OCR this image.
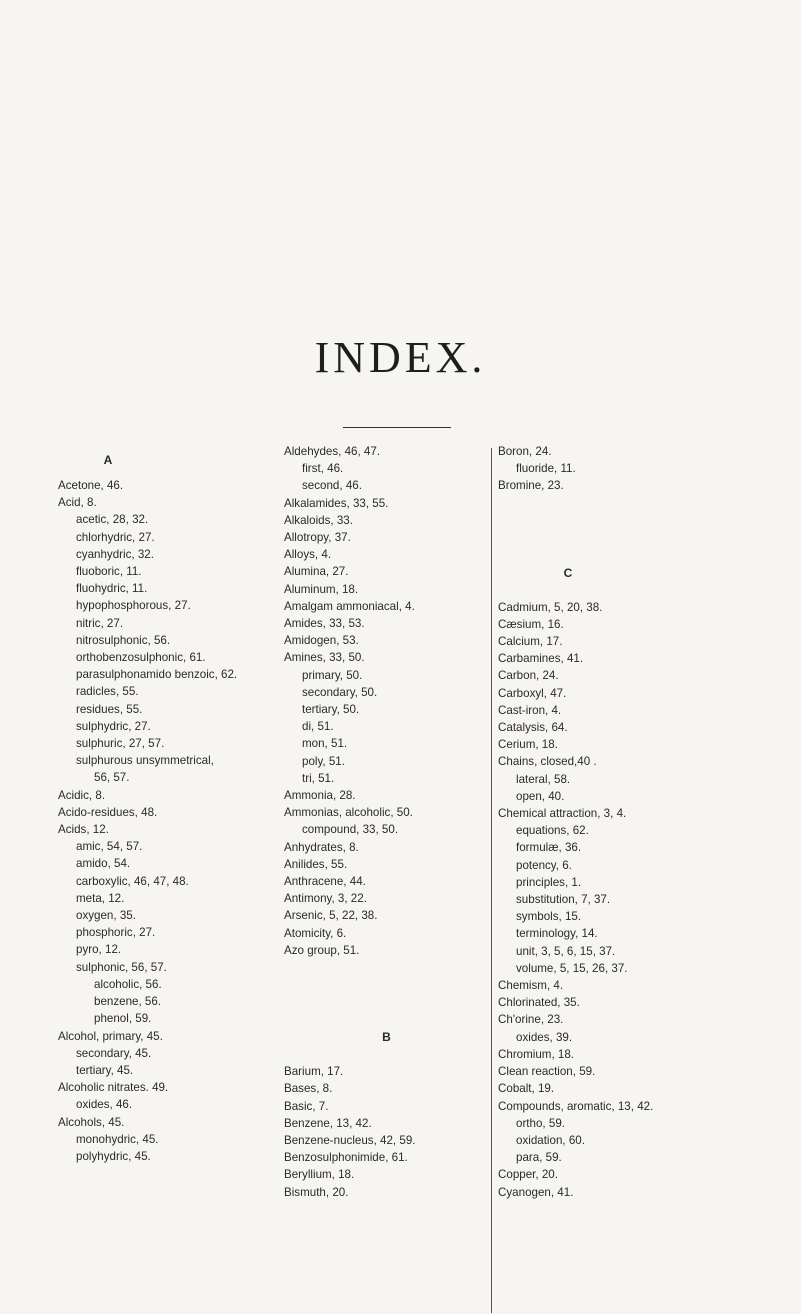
INDEX.
A
Acetone, 46.
Acid, 8.
acetic, 28, 32.
chlorhydric, 27.
cyanhydric, 32.
fluoboric, 11.
fluohydric, 11.
hypophosphorous, 27.
nitric, 27.
nitrosulphonic, 56.
orthobenzosulphonic, 61.
parasulphonamido benzoic, 62.
radicles, 55.
residues, 55.
sulphydric, 27.
sulphuric, 27, 57.
sulphurous unsymmetrical,
56, 57.
Acidic, 8.
Acido-residues, 48.
Acids, 12.
amic, 54, 57.
amido, 54.
carboxylic, 46, 47, 48.
meta, 12.
oxygen, 35.
phosphoric, 27.
pyro, 12.
sulphonic, 56, 57.
alcoholic, 56.
benzene, 56.
phenol, 59.
Alcohol, primary, 45.
secondary, 45.
tertiary, 45.
Alcoholic nitrates. 49.
oxides, 46.
Alcohols, 45.
monohydric, 45.
polyhydric, 45.
Aldehydes, 46, 47.
first, 46.
second, 46.
Alkalamides, 33, 55.
Alkaloids, 33.
Allotropy, 37.
Alloys, 4.
Alumina, 27.
Aluminum, 18.
Amalgam ammoniacal, 4.
Amides, 33, 53.
Amidogen, 53.
Amines, 33, 50.
primary, 50.
secondary, 50.
tertiary, 50.
di, 51.
mon, 51.
poly, 51.
tri, 51.
Ammonia, 28.
Ammonias, alcoholic, 50.
compound, 33, 50.
Anhydrates, 8.
Anilides, 55.
Anthracene, 44.
Antimony, 3, 22.
Arsenic, 5, 22, 38.
Atomicity, 6.
Azo group, 51.
B
Barium, 17.
Bases, 8.
Basic, 7.
Benzene, 13, 42.
Benzene-nucleus, 42, 59.
Benzosulphonimide, 61.
Beryllium, 18.
Bismuth, 20.
Boron, 24.
fluoride, 11.
Bromine, 23.
C
Cadmium, 5, 20, 38.
Cæsium, 16.
Calcium, 17.
Carbamines, 41.
Carbon, 24.
Carboxyl, 47.
Cast-iron, 4.
Catalysis, 64.
Cerium, 18.
Chains, closed,40 .
lateral, 58.
open, 40.
Chemical attraction, 3, 4.
equations, 62.
formulæ, 36.
potency, 6.
principles, 1.
substitution, 7, 37.
symbols, 15.
terminology, 14.
unit, 3, 5, 6, 15, 37.
volume, 5, 15, 26, 37.
Chemism, 4.
Chlorinated, 35.
Ch'orine, 23.
oxides, 39.
Chromium, 18.
Clean reaction, 59.
Cobalt, 19.
Compounds, aromatic, 13, 42.
ortho, 59.
oxidation, 60.
para, 59.
Copper, 20.
Cyanogen, 41.
